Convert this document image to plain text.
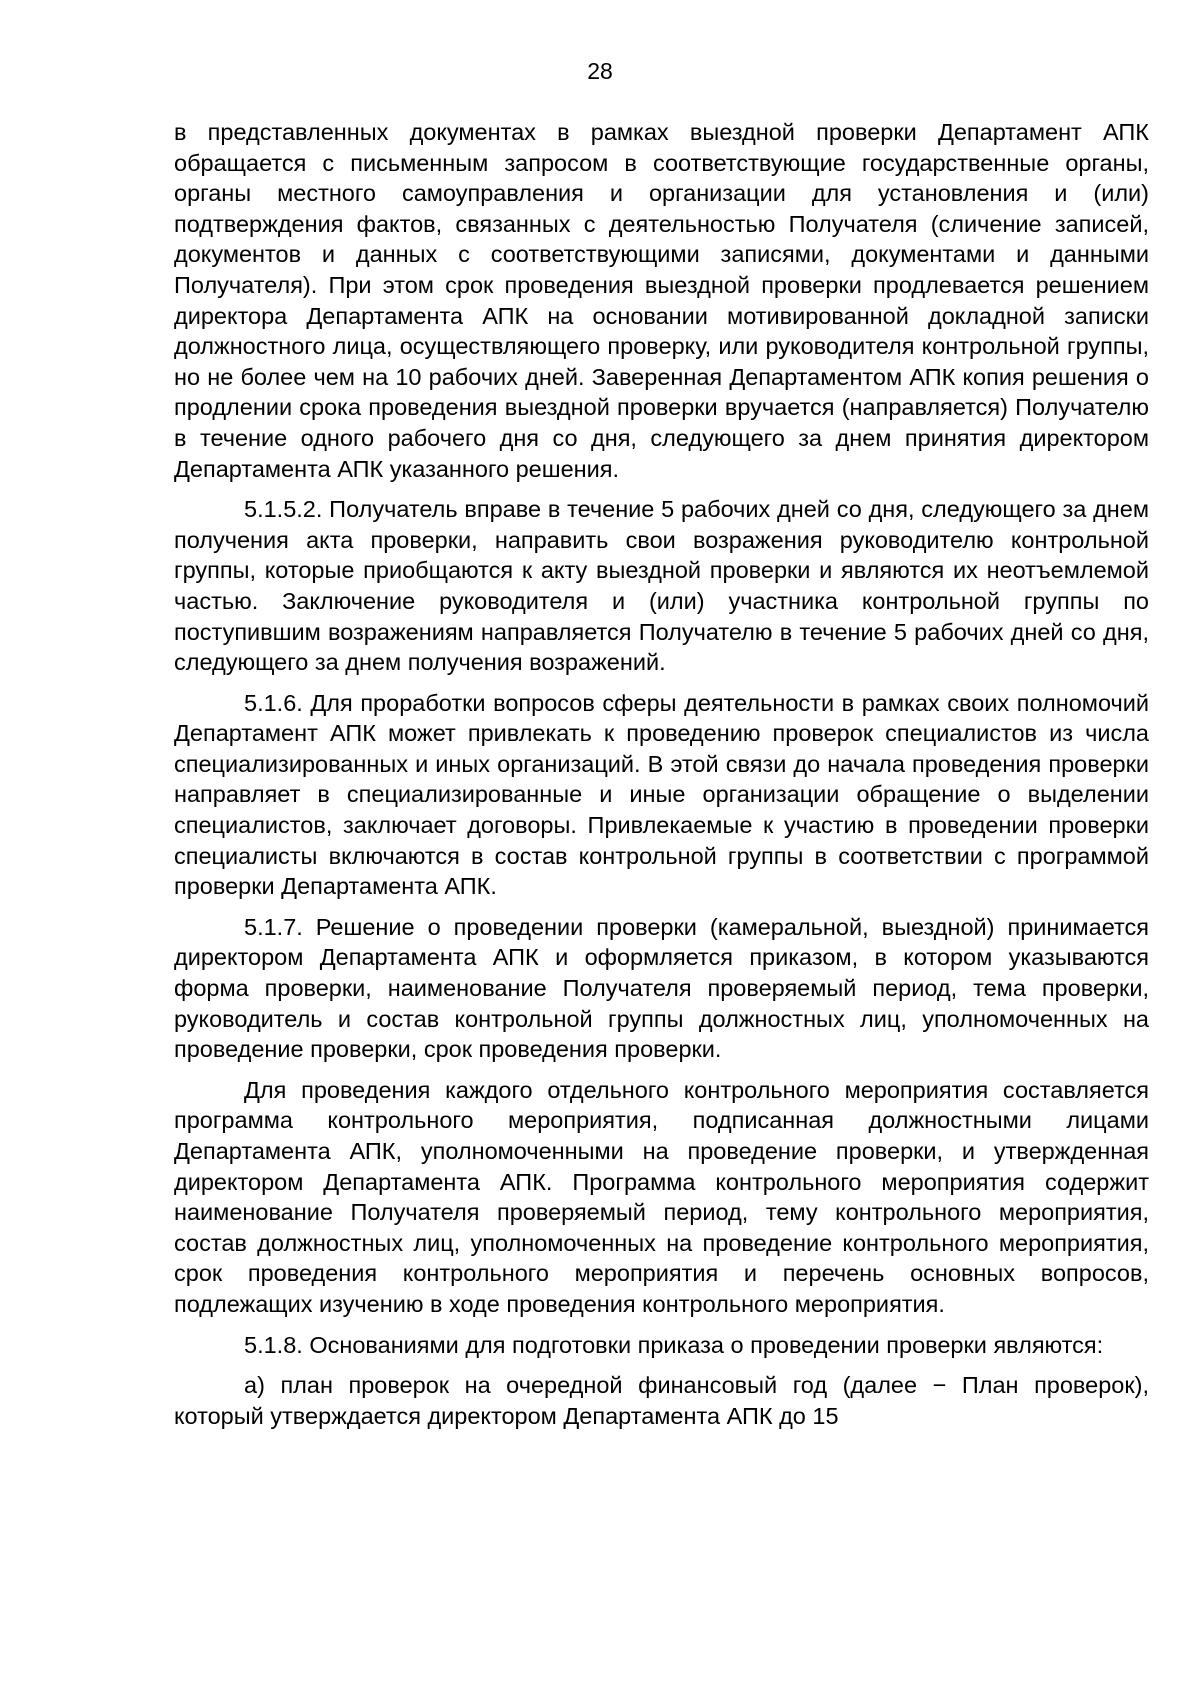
28

в представленных документах в рамках выездной проверки Департамент АПК обращается с письменным запросом в соответствующие государственные органы, органы местного самоуправления и организации для установления и (или) подтверждения фактов, связанных с деятельностью Получателя (сличение записей, документов и данных с соответствующими записями, документами и данными Получателя). При этом срок проведения выездной проверки продлевается решением директора Департамента АПК на основании мотивированной докладной записки должностного лица, осуществляющего проверку, или руководителя контрольной группы, но не более чем на 10 рабочих дней. Заверенная Департаментом АПК копия решения о продлении срока проведения выездной проверки вручается (направляется) Получателю в течение одного рабочего дня со дня, следующего за днем принятия директором Департамента АПК указанного решения.

5.1.5.2. Получатель вправе в течение 5 рабочих дней со дня, следующего за днем получения акта проверки, направить свои возражения руководителю контрольной группы, которые приобщаются к акту выездной проверки и являются их неотъемлемой частью. Заключение руководителя и (или) участника контрольной группы по поступившим возражениям направляется Получателю в течение 5 рабочих дней со дня, следующего за днем получения возражений.

5.1.6. Для проработки вопросов сферы деятельности в рамках своих полномочий Департамент АПК может привлекать к проведению проверок специалистов из числа специализированных и иных организаций. В этой связи до начала проведения проверки направляет в специализированные и иные организации обращение о выделении специалистов, заключает договоры. Привлекаемые к участию в проведении проверки специалисты включаются в состав контрольной группы в соответствии с программой проверки Департамента АПК.

5.1.7. Решение о проведении проверки (камеральной, выездной) принимается директором Департамента АПК и оформляется приказом, в котором указываются форма проверки, наименование Получателя проверяемый период, тема проверки, руководитель и состав контрольной группы должностных лиц, уполномоченных на проведение проверки, срок проведения проверки.

Для проведения каждого отдельного контрольного мероприятия составляется программа контрольного мероприятия, подписанная должностными лицами Департамента АПК, уполномоченными на проведение проверки, и утвержденная директором Департамента АПК. Программа контрольного мероприятия содержит наименование Получателя проверяемый период, тему контрольного мероприятия, состав должностных лиц, уполномоченных на проведение контрольного мероприятия, срок проведения контрольного мероприятия и перечень основных вопросов, подлежащих изучению в ходе проведения контрольного мероприятия.

5.1.8. Основаниями для подготовки приказа о проведении проверки являются:

а) план проверок на очередной финансовый год (далее − План проверок), который утверждается директором Департамента АПК до 15
